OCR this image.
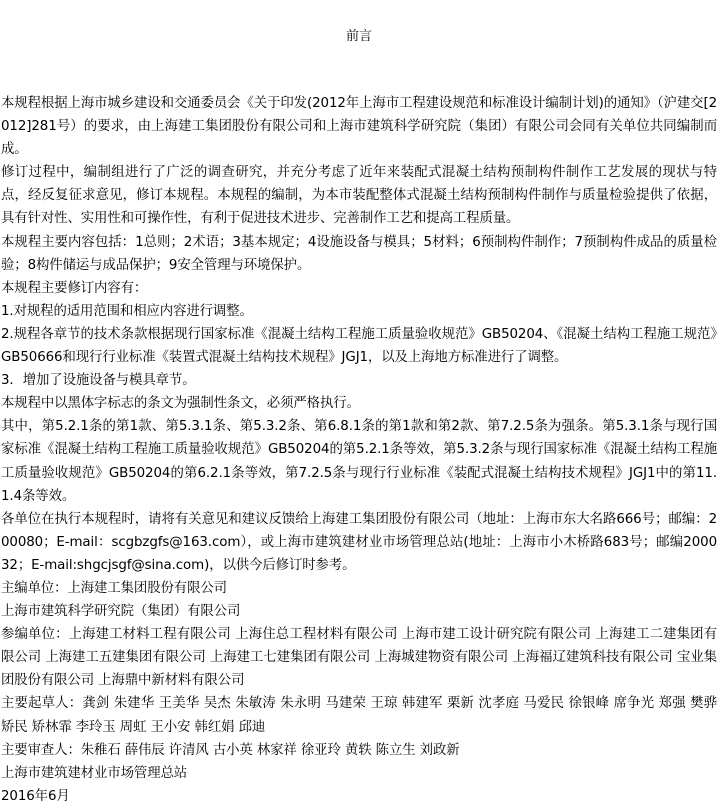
前言

本规程根据上海市城乡建设和交通委员会《关于印发(2012年上海市工程建设规范和标准设计编制计划)的通知》（沪建交[2012]281号）的要求，由上海建工集团股份有限公司和上海市建筑科学研究院（集团）有限公司会同有关单位共同编制而成。

修订过程中，编制组进行了广泛的调查研究，并充分考虑了近年来装配式混凝土结构预制构件制作工艺发展的现状与特点，经反复征求意见，修订本规程。本规程的编制，为本市装配整体式混凝土结构预制构件制作与质量检验提供了依据，具有针对性、实用性和可操作性，有利于促进技术进步、完善制作工艺和提高工程质量。

本规程主要内容包括：1总则；2术语；3基本规定；4设施设备与模具；5材料；6预制构件制作；7预制构件成品的质量检验；8构件储运与成品保护；9安全管理与环境保护。

本规程主要修订内容有：

1.对规程的适用范围和相应内容进行调整。

2.规程各章节的技术条款根据现行国家标准《混凝土结构工程施工质量验收规范》GB50204、《混凝土结构工程施工规范》GB50666和现行行业标准《装置式混凝土结构技术规程》JGJ1，以及上海地方标准进行了调整。

3．增加了设施设备与模具章节。

本规程中以黑体字标志的条文为强制性条文，必须严格执行。

其中，第5.2.1条的第1款、第5.3.1条、第5.3.2条、第6.8.1条的第1款和第2款、第7.2.5条为强条。第5.3.1条与现行国家标准《混凝土结构工程施工质量验收规范》GB50204的第5.2.1条等效，第5.3.2条与现行国家标准《混凝土结构工程施工质量验收规范》GB50204的第6.2.1条等效，第7.2.5条与现行行业标准《装配式混凝土结构技术规程》JGJ1中的第11.1.4条等效。

各单位在执行本规程时，请将有关意见和建议反馈给上海建工集团股份有限公司（地址：上海市东大名路666号；邮编：200080；E-mail：scgbzgfs@163.com），或上海市建筑建材业市场管理总站(地址：上海市小木桥路683号；邮编200032；E-mail:shgcjsgf@sina.com)，以供今后修订时参考。

主编单位：上海建工集团股份有限公司

上海市建筑科学研究院（集团）有限公司

参编单位：上海建工材料工程有限公司 上海住总工程材料有限公司 上海市建工设计研究院有限公司 上海建工二建集团有限公司 上海建工五建集团有限公司 上海建工七建集团有限公司 上海城建物资有限公司 上海福辽建筑科技有限公司 宝业集团股份有限公司 上海鼎中新材料有限公司

主要起草人：龚剑 朱建华 王美华 吴杰 朱敏涛 朱永明 马建荣 王琼 韩建军 栗新 沈孝庭 马爱民 徐银峰 席争光 郑强 樊骅 矫民 矫林霏 李玲玉 周虹 王小安 韩红娟 邱迪

主要审查人：朱稚石 薛伟辰 许清风 古小英 林家祥 徐亚玲 黄轶 陈立生 刘政新

上海市建筑建材业市场管理总站

2016年6月
